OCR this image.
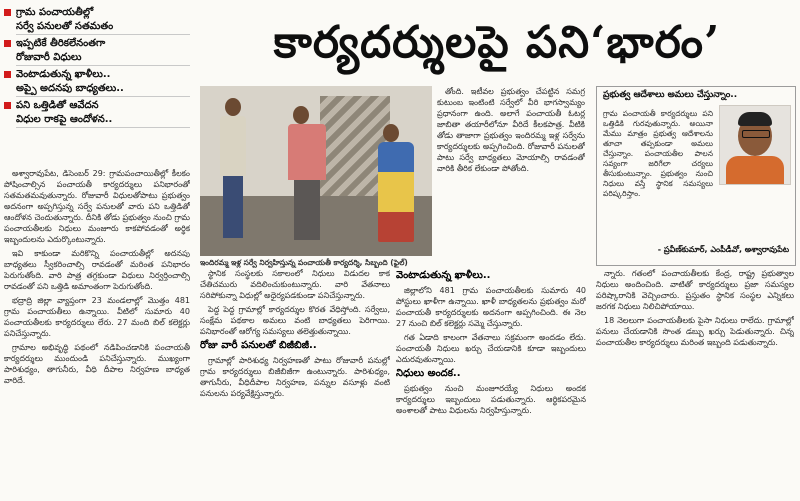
గ్రామ పంచాయతీల్లో
సర్వే పనులతో సతమతం
ఇప్పటికే తీరికలేనంతగా
రోజువారీ విధులు
వెంటాడుతున్న ఖాళీలు..
అప్పై అదనపు బాధ్యతలు..
పని ఒత్తిడితో ఆవేదన
విధుల రాకపై ఆందోళన..
కార్యదర్శులపై పని‘భారం’

అశ్వారావుపేట, డిసెంబర్ 29: గ్రామపంచాయితీల్లో కీలకం పోషించాల్సిన పంచాయతీ కార్యదర్శులు పనిభారంతో సతమతమవుతున్నారు. రోజువారీ విధులతోపాటు ప్రభుత్వం అదనంగా అప్పగిస్తున్న సర్వే పనులతో వారు పని ఒత్తిడితో ఆందోళన చెందుతున్నారు. దీనికి తోడు ప్రభుత్వం నుంచి గ్రామ పంచాయతీలకు నిధులు మంజూరు కాకపోవడంతో అర్థిక ఇబ్బందులను ఎదుర్కొంటున్నారు.

ఇవి కాకుండా మరికొన్ని పంచాయతీల్లో అదనపు బాధ్యతలు స్వీకరించాల్సి రావడంతో మరింత పనిభారం పెరుగుతోంది. వారి పాత్ర తగ్గకుండా విధులు నిర్వర్తించాల్సి రావడంతో పని ఒత్తిడి అమాంతంగా పెరుగుతోంది.

భద్రాద్రి జిల్లా వ్యాప్తంగా 23 మండలాల్లో మొత్తం 481 గ్రామ పంచాయతీలు ఉన్నాయి. వీటిలో సుమారు 40 పంచాయతీలకు కార్యదర్శులు లేరు. 27 మంది బిల్‌ కలెక్టర్లు పనిచేస్తున్నారు.

గ్రామాల అభివృద్ధి పథంలో నడిపించడానికి పంచాయతీ కార్యదర్శులు ముందుండి పనిచేస్తున్నారు. ముఖ్యంగా పారిశుధ్యం, తాగునీరు, వీధి దీపాల నిర్వహణ బాధ్యత వారిదే.

ఇందిరమ్మ ఇళ్ల సర్వే నిర్వహిస్తున్న పంచాయతీ కార్యదర్శి, సిబ్బంది (ఫైల్‌)

తోంది. ఇటీవల ప్రభుత్వం చేపట్టిన సమగ్ర కుటుంబ ఇంటింటి సర్వేలో వీరి భాగస్వామ్యం ప్రధానంగా ఉంది. అలాగే పంచాయతీ ఓటర్ల జాబితా తయారీలోనూ వీరిదే కీలకపాత్ర. వీటికి తోడు తాజాగా ప్రభుత్వం ఇందిరమ్మ ఇళ్ల సర్వేను కార్యదర్శులకు అప్పగించింది. రోజువారీ పనులతో పాటు సర్వే బాధ్యతలు మోయాల్సి రావడంతో వారికి తీరిక లేకుండా పోతోంది.

ప్రభుత్వ ఆదేశాలు అమలు చేస్తున్నాం..
గ్రామ పంచాయతీ కార్యదర్శులు పని ఒత్తిడికి గురవుతున్నారు. అయినా మేము మాత్రం ప్రభుత్వ ఆదేశాలను తూచా తప్పకుండా అమలు చేస్తున్నాం. పంచాయతీల పాలన సవ్యంగా జరిగేలా చర్యలు తీసుకుంటున్నాం. ప్రభుత్వం నుంచి నిధులు వస్తే స్థానిక సమస్యలు పరిష్కరిస్తాం.
- ప్రవీణ్‌కుమార్‌, ఎంపీడీవో, అశ్వారావుపేట

స్థానిక సంస్థలకు సకాలంలో నిధులు విడుదల కాక చేతిచమురు వదిలించుకుంటున్నారు. వారి వేతనాలు సరిపోకున్నా విధుల్లో అధైర్యపడకుండా పనిచేస్తున్నారు.

పెద్ద పెద్ద గ్రామాల్లో కార్యదర్శుల కొరత వేధిస్తోంది. సర్వేలు, సంక్షేమ పథకాల అమలు వంటి బాధ్యతలు పెరిగాయి. పనిభారంతో ఆరోగ్య సమస్యలు తలెత్తుతున్నాయి.

రోజు వారీ పనులతో బిజీబిజీ..

గ్రామాల్లో పారిశుధ్య నిర్వహణతో పాటు రోజువారీ పనుల్లో గ్రామ కార్యదర్శులు బిజీబిజీగా ఉంటున్నారు. పారిశుధ్యం, తాగునీరు, వీధిదీపాల నిర్వహణ, పన్నుల వసూళ్లు వంటి పనులను పర్యవేక్షిస్తున్నారు.

వెంటాడుతున్న ఖాళీలు..

జిల్లాలోని 481 గ్రామ పంచాయతీలకు సుమారు 40 పోస్టులు ఖాళీగా ఉన్నాయి. ఖాళీ బాధ్యతలను ప్రభుత్వం మరో పంచాయతీ కార్యదర్శులకు అదనంగా అప్పగించింది. ఈ నెల 27 నుంచి బిల్‌ కలెక్టర్లు సమ్మె చేస్తున్నారు.

గత ఏడాది కాలంగా వేతనాలు సక్రమంగా అందడం లేదు. పంచాయతీ నిధులు ఖర్చు చేయడానికి కూడా ఇబ్బందులు ఎదురవుతున్నాయి.

నిధులు అందక..

ప్రభుత్వం నుంచి మంజూరయ్యే నిధులు అందక కార్యదర్శులు ఇబ్బందులు పడుతున్నారు. ఆర్థికపరమైన అంశాలతో పాటు విధులను నిర్వహిస్తున్నారు.

న్నారు. గతంలో పంచాయతీలకు కేంద్ర, రాష్ట్ర ప్రభుత్వాల నిధులు అందించింది. వాటితో కార్యదర్శులు ప్రజా సమస్యల పరిష్కారానికి వెచ్చించారు. ప్రస్తుతం స్థానిక సంస్థల ఎన్నికలు జరగక నిధులు నిలిచిపోయాయి.

18 నెలలుగా పంచాయతీలకు పైసా నిధులు రాలేదు. గ్రామాల్లో పనులు చేయడానికి సొంత డబ్బు ఖర్చు పెడుతున్నారు. చిన్న పంచాయతీల కార్యదర్శులు మరింత ఇబ్బంది పడుతున్నారు.
